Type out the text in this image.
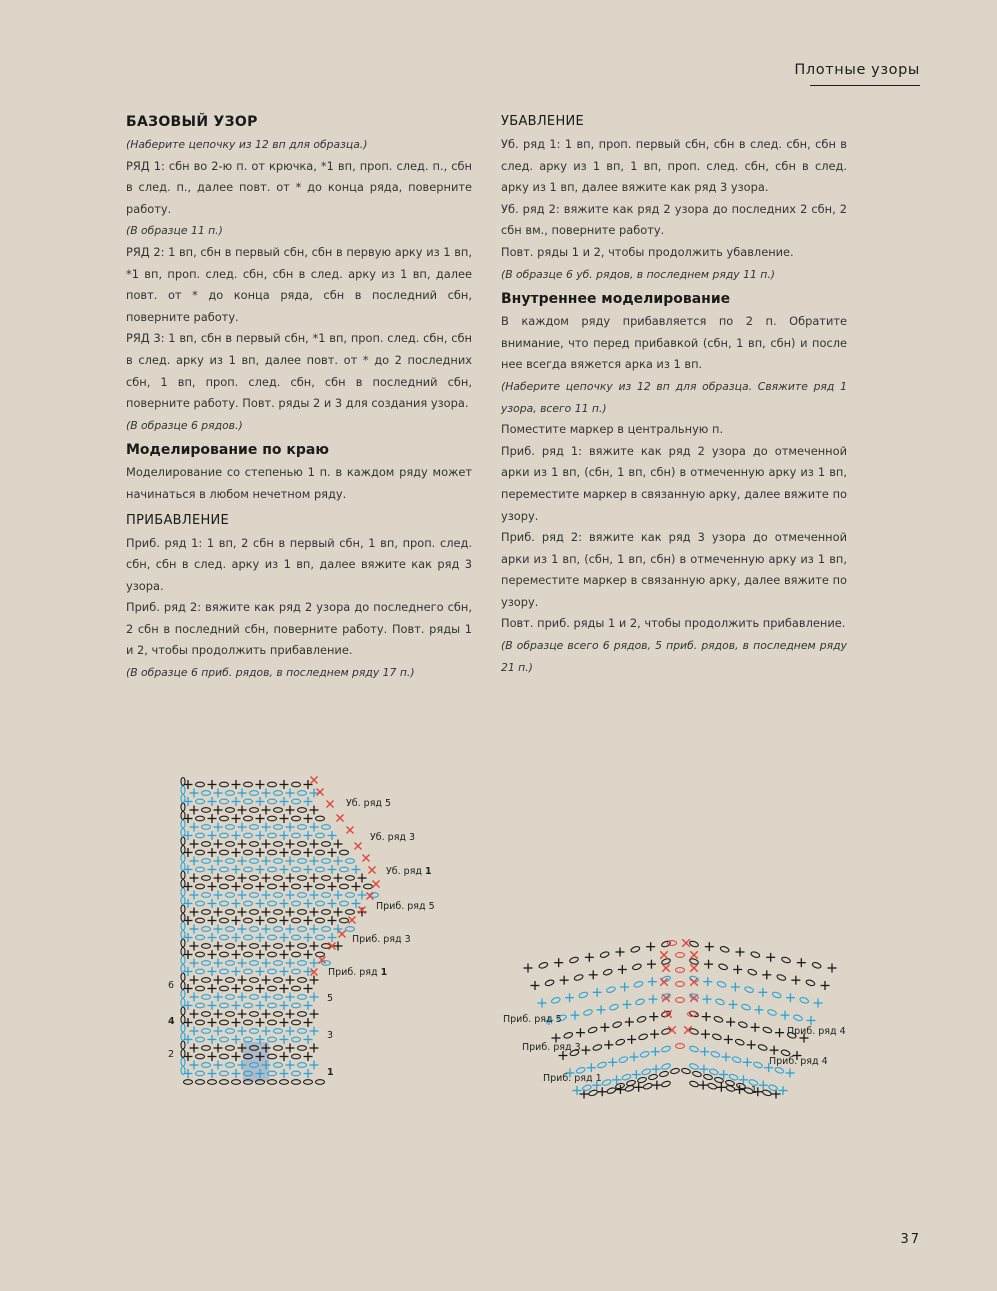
Плотные узоры
БАЗОВЫЙ УЗОР

(Наберите цепочку из 12 вп для образца.)

РЯД 1: сбн во 2-ю п. от крючка, *1 вп, проп. след. п., сбн в след. п., далее повт. от * до конца ряда, поверните работу.

(В образце 11 п.)

РЯД 2: 1 вп, сбн в первый сбн, сбн в первую арку из 1 вп, *1 вп, проп. след. сбн, сбн в след. арку из 1 вп, далее повт. от * до конца ряда, сбн в последний сбн, поверните работу.

РЯД 3: 1 вп, сбн в первый сбн, *1 вп, проп. след. сбн, сбн в след. арку из 1 вп, далее повт. от * до 2 последних сбн, 1 вп, проп. след. сбн, сбн в последний сбн, поверните работу. Повт. ряды 2 и 3 для создания узора.

(В образце 6 рядов.)

Моделирование по краю

Моделирование со степенью 1 п. в каждом ряду может начинаться в любом нечетном ряду.

ПРИБАВЛЕНИЕ

Приб. ряд 1: 1 вп, 2 сбн в первый сбн, 1 вп, проп. след. сбн, сбн в след. арку из 1 вп, далее вяжите как ряд 3 узора.

Приб. ряд 2: вяжите как ряд 2 узора до последнего сбн, 2 сбн в последний сбн, поверните работу. Повт. ряды 1 и 2, чтобы продолжить прибавление.

(В образце 6 приб. рядов, в последнем ряду 17 п.)

УБАВЛЕНИЕ

Уб. ряд 1: 1 вп, проп. первый сбн, сбн в след. сбн, сбн в след. арку из 1 вп, 1 вп, проп. след. сбн, сбн в след. арку из 1 вп, далее вяжите как ряд 3 узора.

Уб. ряд 2: вяжите как ряд 2 узора до последних 2 сбн, 2 сбн вм., поверните работу.

Повт. ряды 1 и 2, чтобы продолжить убавление.

(В образце 6 уб. рядов, в последнем ряду 11 п.)

Внутреннее моделирование

В каждом ряду прибавляется по 2 п. Обратите внимание, что перед прибавкой (сбн, 1 вп, сбн) и после нее всегда вяжется арка из 1 вп.

(Наберите цепочку из 12 вп для образца. Свяжите ряд 1 узора, всего 11 п.)

Поместите маркер в центральную п.

Приб. ряд 1: вяжите как ряд 2 узора до отмеченной арки из 1 вп, (сбн, 1 вп, сбн) в отмеченную арку из 1 вп, переместите маркер в связанную арку, далее вяжите по узору.

Приб. ряд 2: вяжите как ряд 3 узора до отмеченной арки из 1 вп, (сбн, 1 вп, сбн) в отмеченную арку из 1 вп, переместите маркер в связанную арку, далее вяжите по узору.

Повт. приб. ряды 1 и 2, чтобы продолжить прибавление.

(В образце всего 6 рядов, 5 приб. рядов, в последнем ряду 21 п.)

Уб. ряд 5
Уб. ряд 3
Уб. ряд 1
Приб. ряд 5
Приб. ряд 3
Приб. ряд 1
6
4
2
5
3
1
Приб. ряд 5
Приб. ряд 3
Приб. ряд 1
Приб. ряд 4
Приб. ряд 4
1
37
